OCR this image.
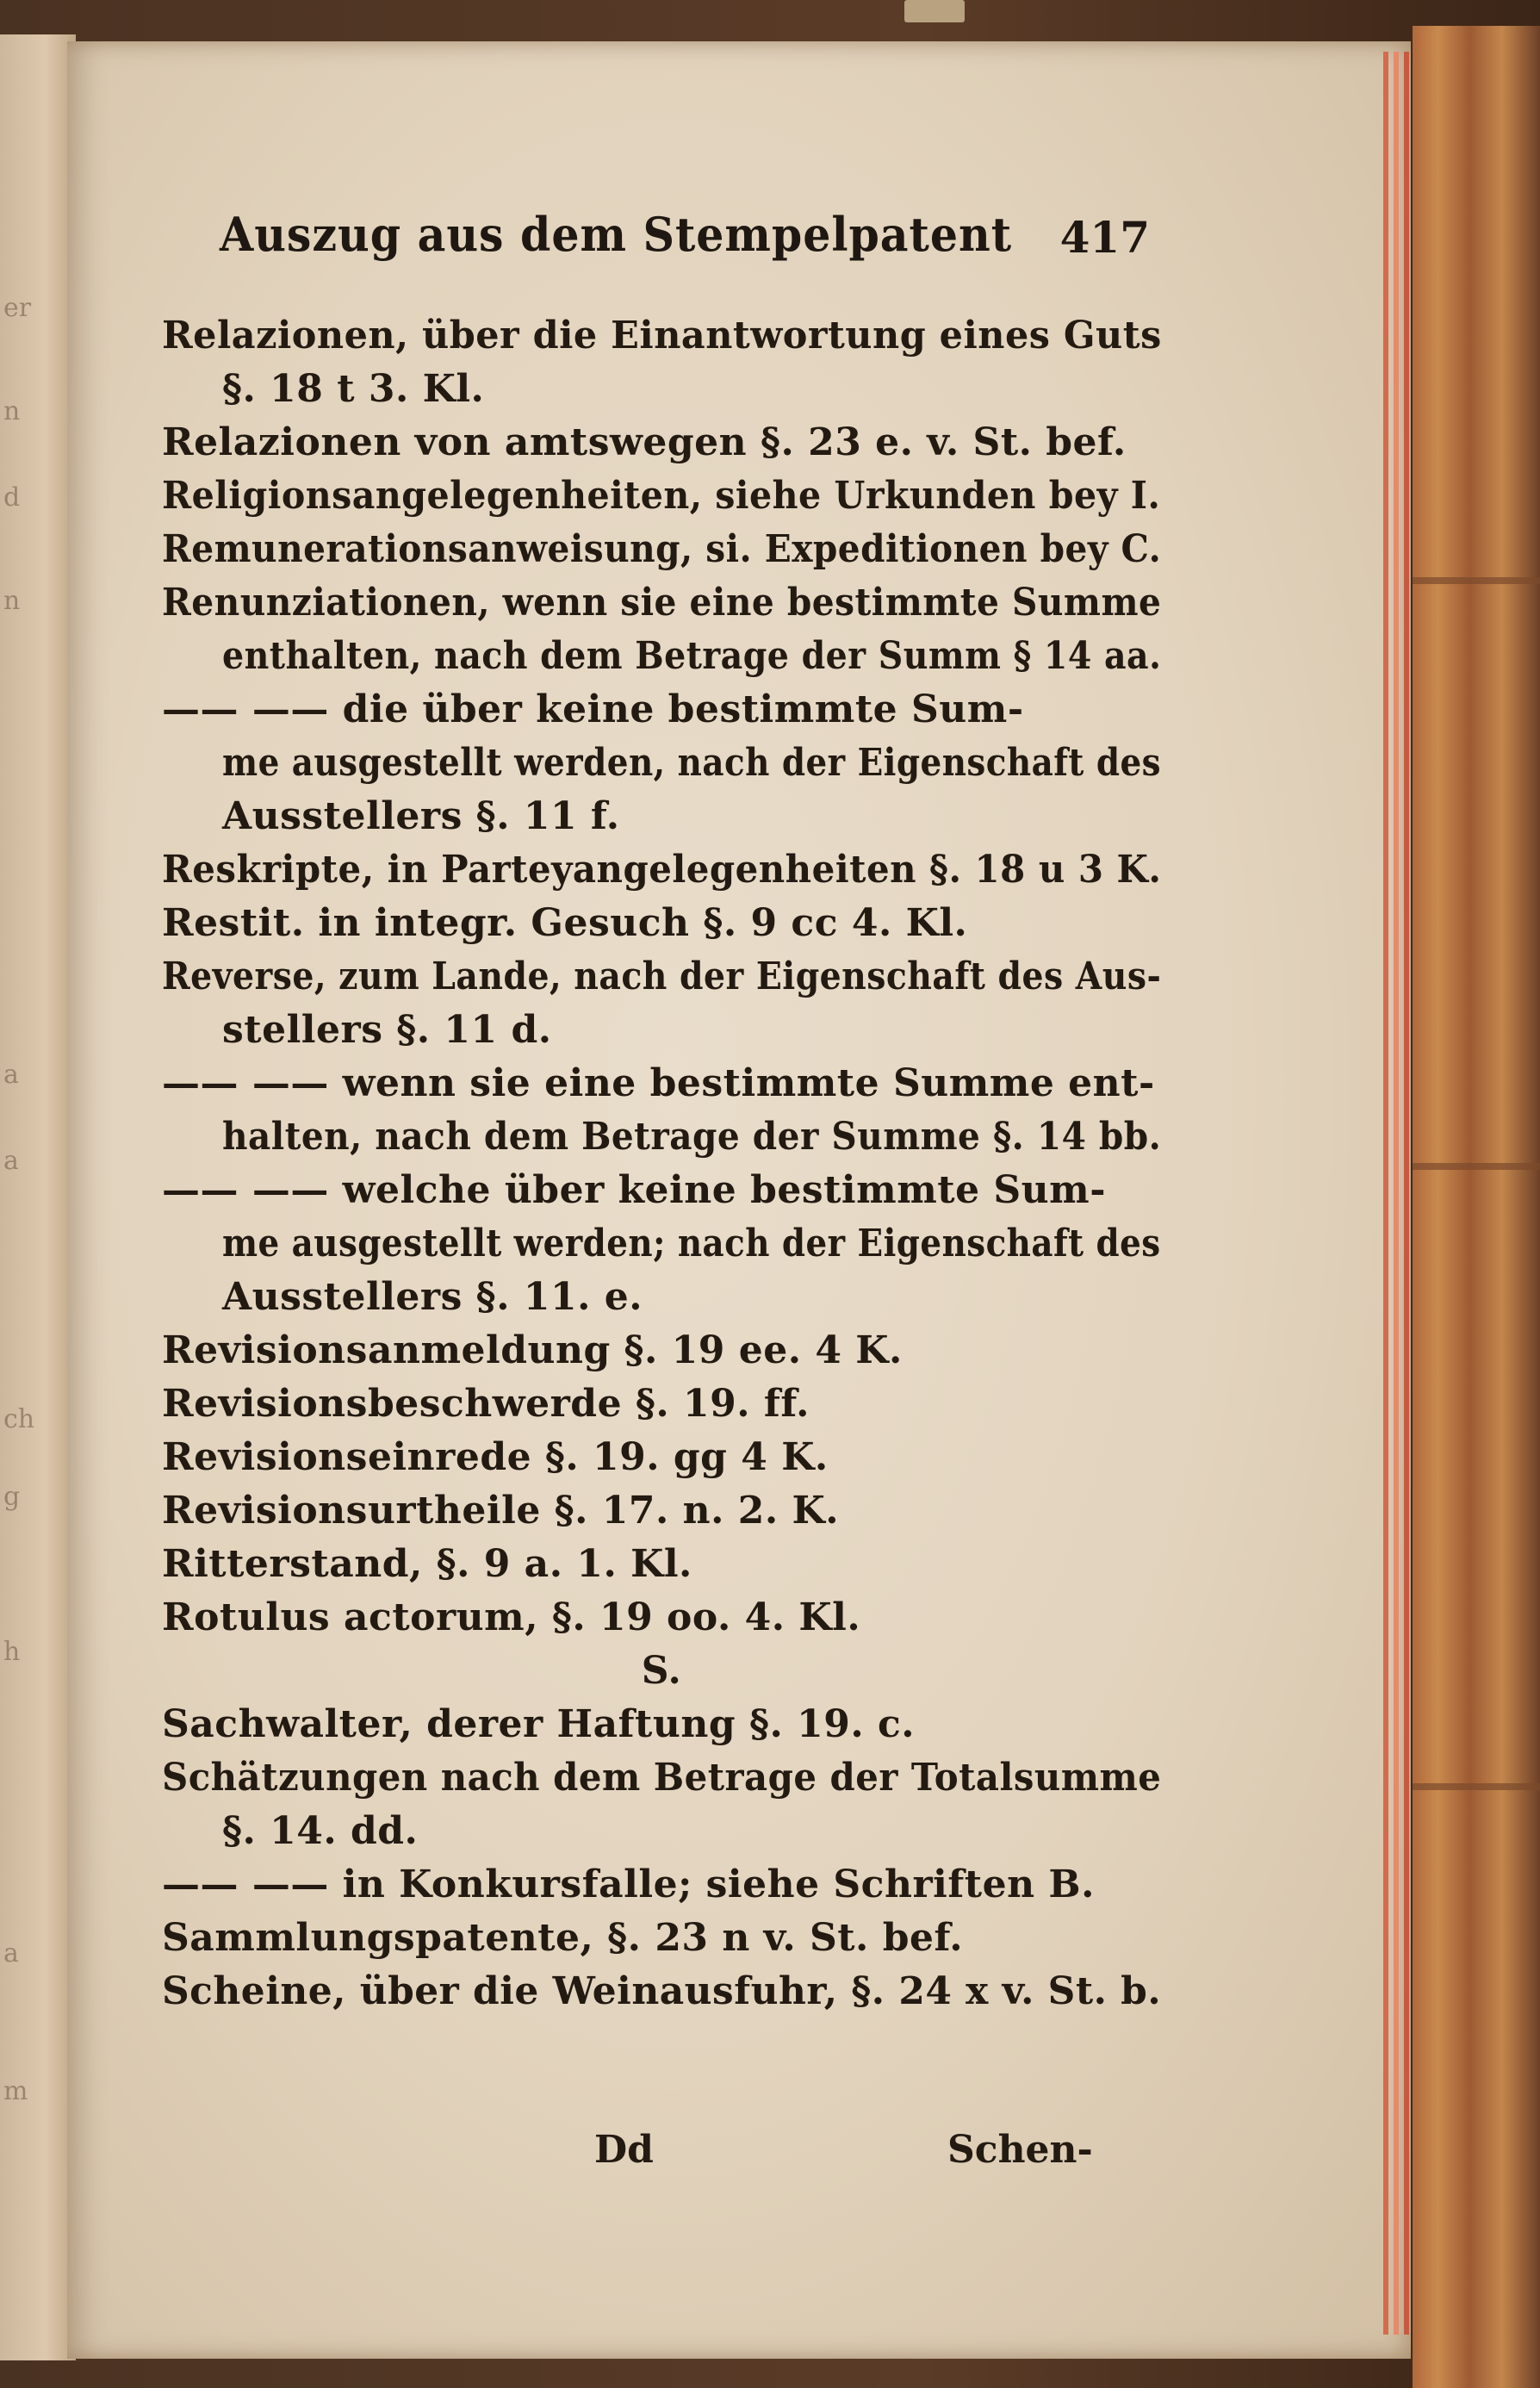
er
n
d
n
a
a
ch
g
h
a
m
Auszug aus dem Stempelpatent 417
Relazionen, über die Einantwortung eines Guts
§. 18 t 3. Kl.
Relazionen von amtswegen §. 23 e. v. St. bef.
Religionsangelegenheiten, siehe Urkunden bey I.
Remunerationsanweisung, si. Expeditionen bey C.
Renunziationen, wenn sie eine bestimmte Summe
enthalten, nach dem Betrage der Summ § 14 aa.
—— —— die über keine bestimmte Sum-
me ausgestellt werden, nach der Eigenschaft des
Ausstellers §. 11 f.
Reskripte, in Parteyangelegenheiten §. 18 u 3 K.
Restit. in integr. Gesuch §. 9 cc 4. Kl.
Reverse, zum Lande, nach der Eigenschaft des Aus-
stellers §. 11 d.
—— —— wenn sie eine bestimmte Summe ent-
halten, nach dem Betrage der Summe §. 14 bb.
—— —— welche über keine bestimmte Sum-
me ausgestellt werden; nach der Eigenschaft des
Ausstellers §. 11. e.
Revisionsanmeldung §. 19 ee. 4 K.
Revisionsbeschwerde §. 19. ff.
Revisionseinrede §. 19. gg 4 K.
Revisionsurtheile §. 17. n. 2. K.
Ritterstand, §. 9 a. 1. Kl.
Rotulus actorum, §. 19 oo. 4. Kl.
S.
Sachwalter, derer Haftung §. 19. c.
Schätzungen nach dem Betrage der Totalsumme
§. 14. dd.
—— —— in Konkursfalle; siehe Schriften B.
Sammlungspatente, §. 23 n v. St. bef.
Scheine, über die Weinausfuhr, §. 24 x v. St. b.
Dd	Schen-
